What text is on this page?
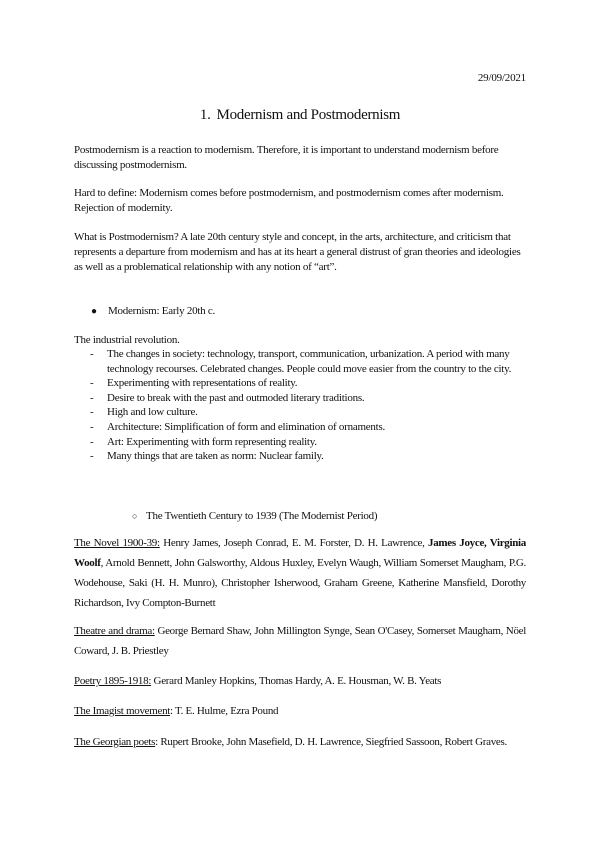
29/09/2021
1. Modernism and Postmodernism
Postmodernism is a reaction to modernism. Therefore, it is important to understand modernism before discussing postmodernism.
Hard to define: Modernism comes before postmodernism, and postmodernism comes after modernism. Rejection of modernity.
What is Postmodernism? A late 20th century style and concept, in the arts, architecture, and criticism that represents a departure from modernism and has at its heart a general distrust of gran theories and ideologies as well as a problematical relationship with any notion of “art”.
● Modernism: Early 20th c.
The industrial revolution.
- The changes in society: technology, transport, communication, urbanization. A period with many technology recourses. Celebrated changes. People could move easier from the country to the city.
- Experimenting with representations of reality.
- Desire to break with the past and outmoded literary traditions.
- High and low culture.
- Architecture: Simplification of form and elimination of ornaments.
- Art: Experimenting with form representing reality.
- Many things that are taken as norm: Nuclear family.
○ The Twentieth Century to 1939 (The Modernist Period)
The Novel 1900-39: Henry James, Joseph Conrad, E. M. Forster, D. H. Lawrence, James Joyce, Virginia Woolf, Arnold Bennett, John Galsworthy, Aldous Huxley, Evelyn Waugh, William Somerset Maugham, P.G. Wodehouse, Saki (H. H. Munro), Christopher Isherwood, Graham Greene, Katherine Mansfield, Dorothy Richardson, Ivy Compton-Burnett
Theatre and drama: George Bernard Shaw, John Millington Synge, Sean O'Casey, Somerset Maugham, Nöel Coward, J. B. Priestley
Poetry 1895-1918: Gerard Manley Hopkins, Thomas Hardy, A. E. Housman, W. B. Yeats
The Imagist movement: T. E. Hulme, Ezra Pound
The Georgian poets: Rupert Brooke, John Masefield, D. H. Lawrence, Siegfried Sassoon, Robert Graves.
